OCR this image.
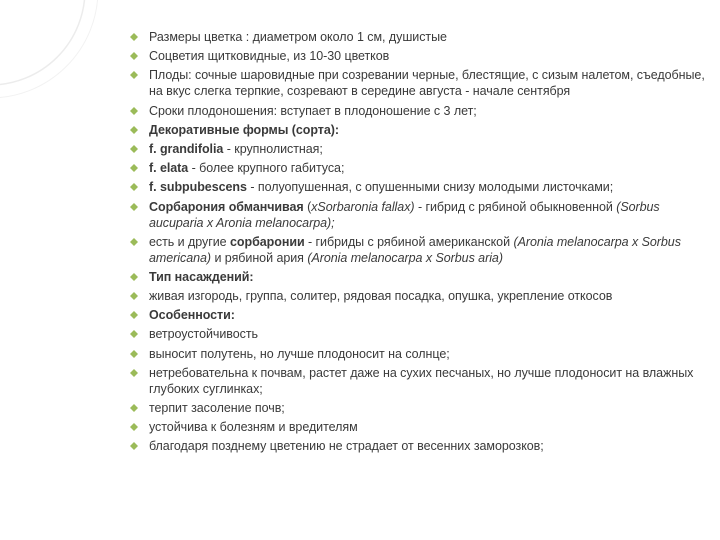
Размеры цветка : диаметром около 1 см, душистые
Соцветия щитковидные, из 10-30 цветков
Плоды: сочные шаровидные при созревании черные, блестящие, с сизым налетом, съедобные, на вкус слегка терпкие, созревают в середине августа - начале сентября
Сроки плодоношения: вступает в плодоношение с 3 лет;
Декоративные формы (сорта):
f. grandifolia - крупнолистная;
f. elata - более крупного габитуса;
f. subpubescens - полуопушенная, с опушенными снизу молодыми листочками;
Сорбарония обманчивая (xSorbaronia fallax) - гибрид с рябиной обыкновенной (Sorbus aucuparia x Aronia melanocarpa);
есть и другие сорбаронии - гибриды с рябиной американской (Aronia melanocarpa x Sorbus americana) и рябиной ария (Aronia melanocarpa x Sorbus aria)
Тип насаждений:
живая изгородь, группа, солитер, рядовая посадка, опушка, укрепление откосов
Особенности:
ветроустойчивость
выносит полутень, но лучше плодоносит на солнце;
нетребовательна к почвам, растет даже на сухих песчаных, но лучше плодоносит на влажных глубоких суглинках;
терпит засоление почв;
устойчива к болезням и вредителям
благодаря позднему цветению не страдает от весенних заморозков;
